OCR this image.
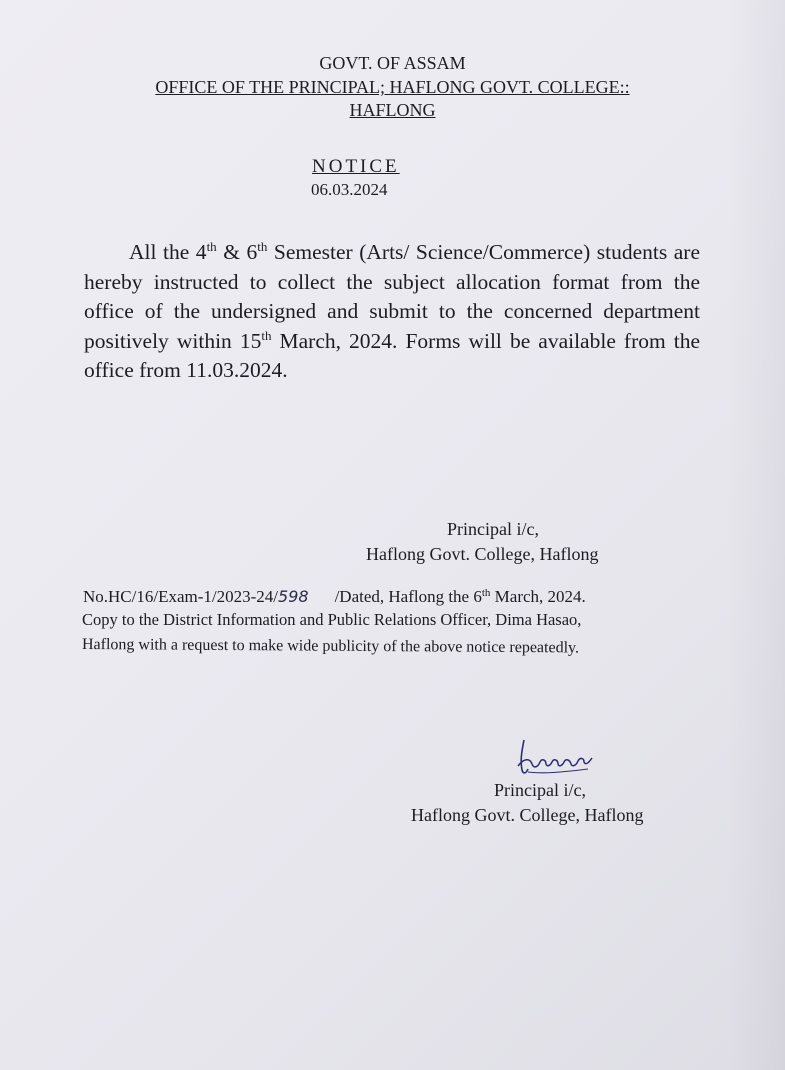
GOVT. OF ASSAM
OFFICE OF THE PRINCIPAL; HAFLONG GOVT. COLLEGE::
HAFLONG
NOTICE
06.03.2024
All the 4th & 6th Semester (Arts/ Science/Commerce) students are hereby instructed to collect the subject allocation format from the office of the undersigned and submit to the concerned department positively within 15th March, 2024. Forms will be available from the office from 11.03.2024.
Principal i/c,
Haflong Govt. College, Haflong
No.HC/16/Exam-1/2023-24/598 /Dated, Haflong the 6th March, 2024.
Copy to the District Information and Public Relations Officer, Dima Hasao,
Haflong with a request to make wide publicity of the above notice repeatedly.
Principal i/c,
Haflong Govt. College, Haflong
